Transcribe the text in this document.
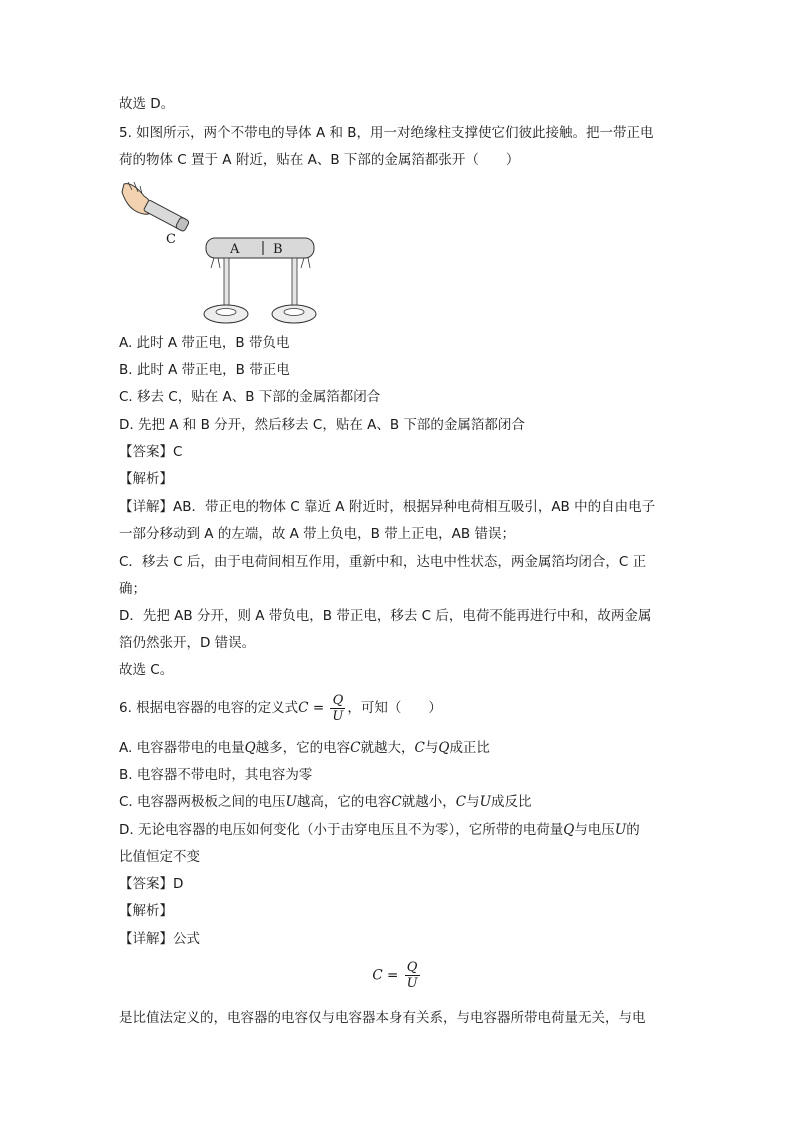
故选 D。
5. 如图所示，两个不带电的导体 A 和 B，用一对绝缘柱支撑使它们彼此接触。把一带正电
荷的物体 C 置于 A 附近，贴在 A、B 下部的金属箔都张开（　　）
C
A	B
A. 此时 A 带正电，B 带负电
B. 此时 A 带正电，B 带正电
C. 移去 C，贴在 A、B 下部的金属箔都闭合
D. 先把 A 和 B 分开，然后移去 C，贴在 A、B 下部的金属箔都闭合
【答案】C
【解析】
【详解】AB．带正电的物体 C 靠近 A 附近时，根据异种电荷相互吸引，AB 中的自由电子
一部分移动到 A 的左端，故 A 带上负电，B 带上正电，AB 错误；
C．移去 C 后，由于电荷间相互作用，重新中和，达电中性状态，两金属箔均闭合，C 正
确；
D．先把 AB 分开，则 A 带负电，B 带正电，移去 C 后，电荷不能再进行中和，故两金属
箔仍然张开，D 错误。
故选 C。
6. 根据电容器的电容的定义式$C = \frac{Q}{U}$ ，可知（　　）
A. 电容器带电的电量Q越多，它的电容C就越大，C与Q成正比
B. 电容器不带电时，其电容为零
C. 电容器两极板之间的电压U越高，它的电容C就越小，C与U成反比
D. 无论电容器的电压如何变化（小于击穿电压且不为零），它所带的电荷量Q与电压U的
比值恒定不变
【答案】D
【解析】
【详解】公式
$C = \frac{Q}{U}$
是比值法定义的，电容器的电容仅与电容器本身有关系，与电容器所带电荷量无关，与电
